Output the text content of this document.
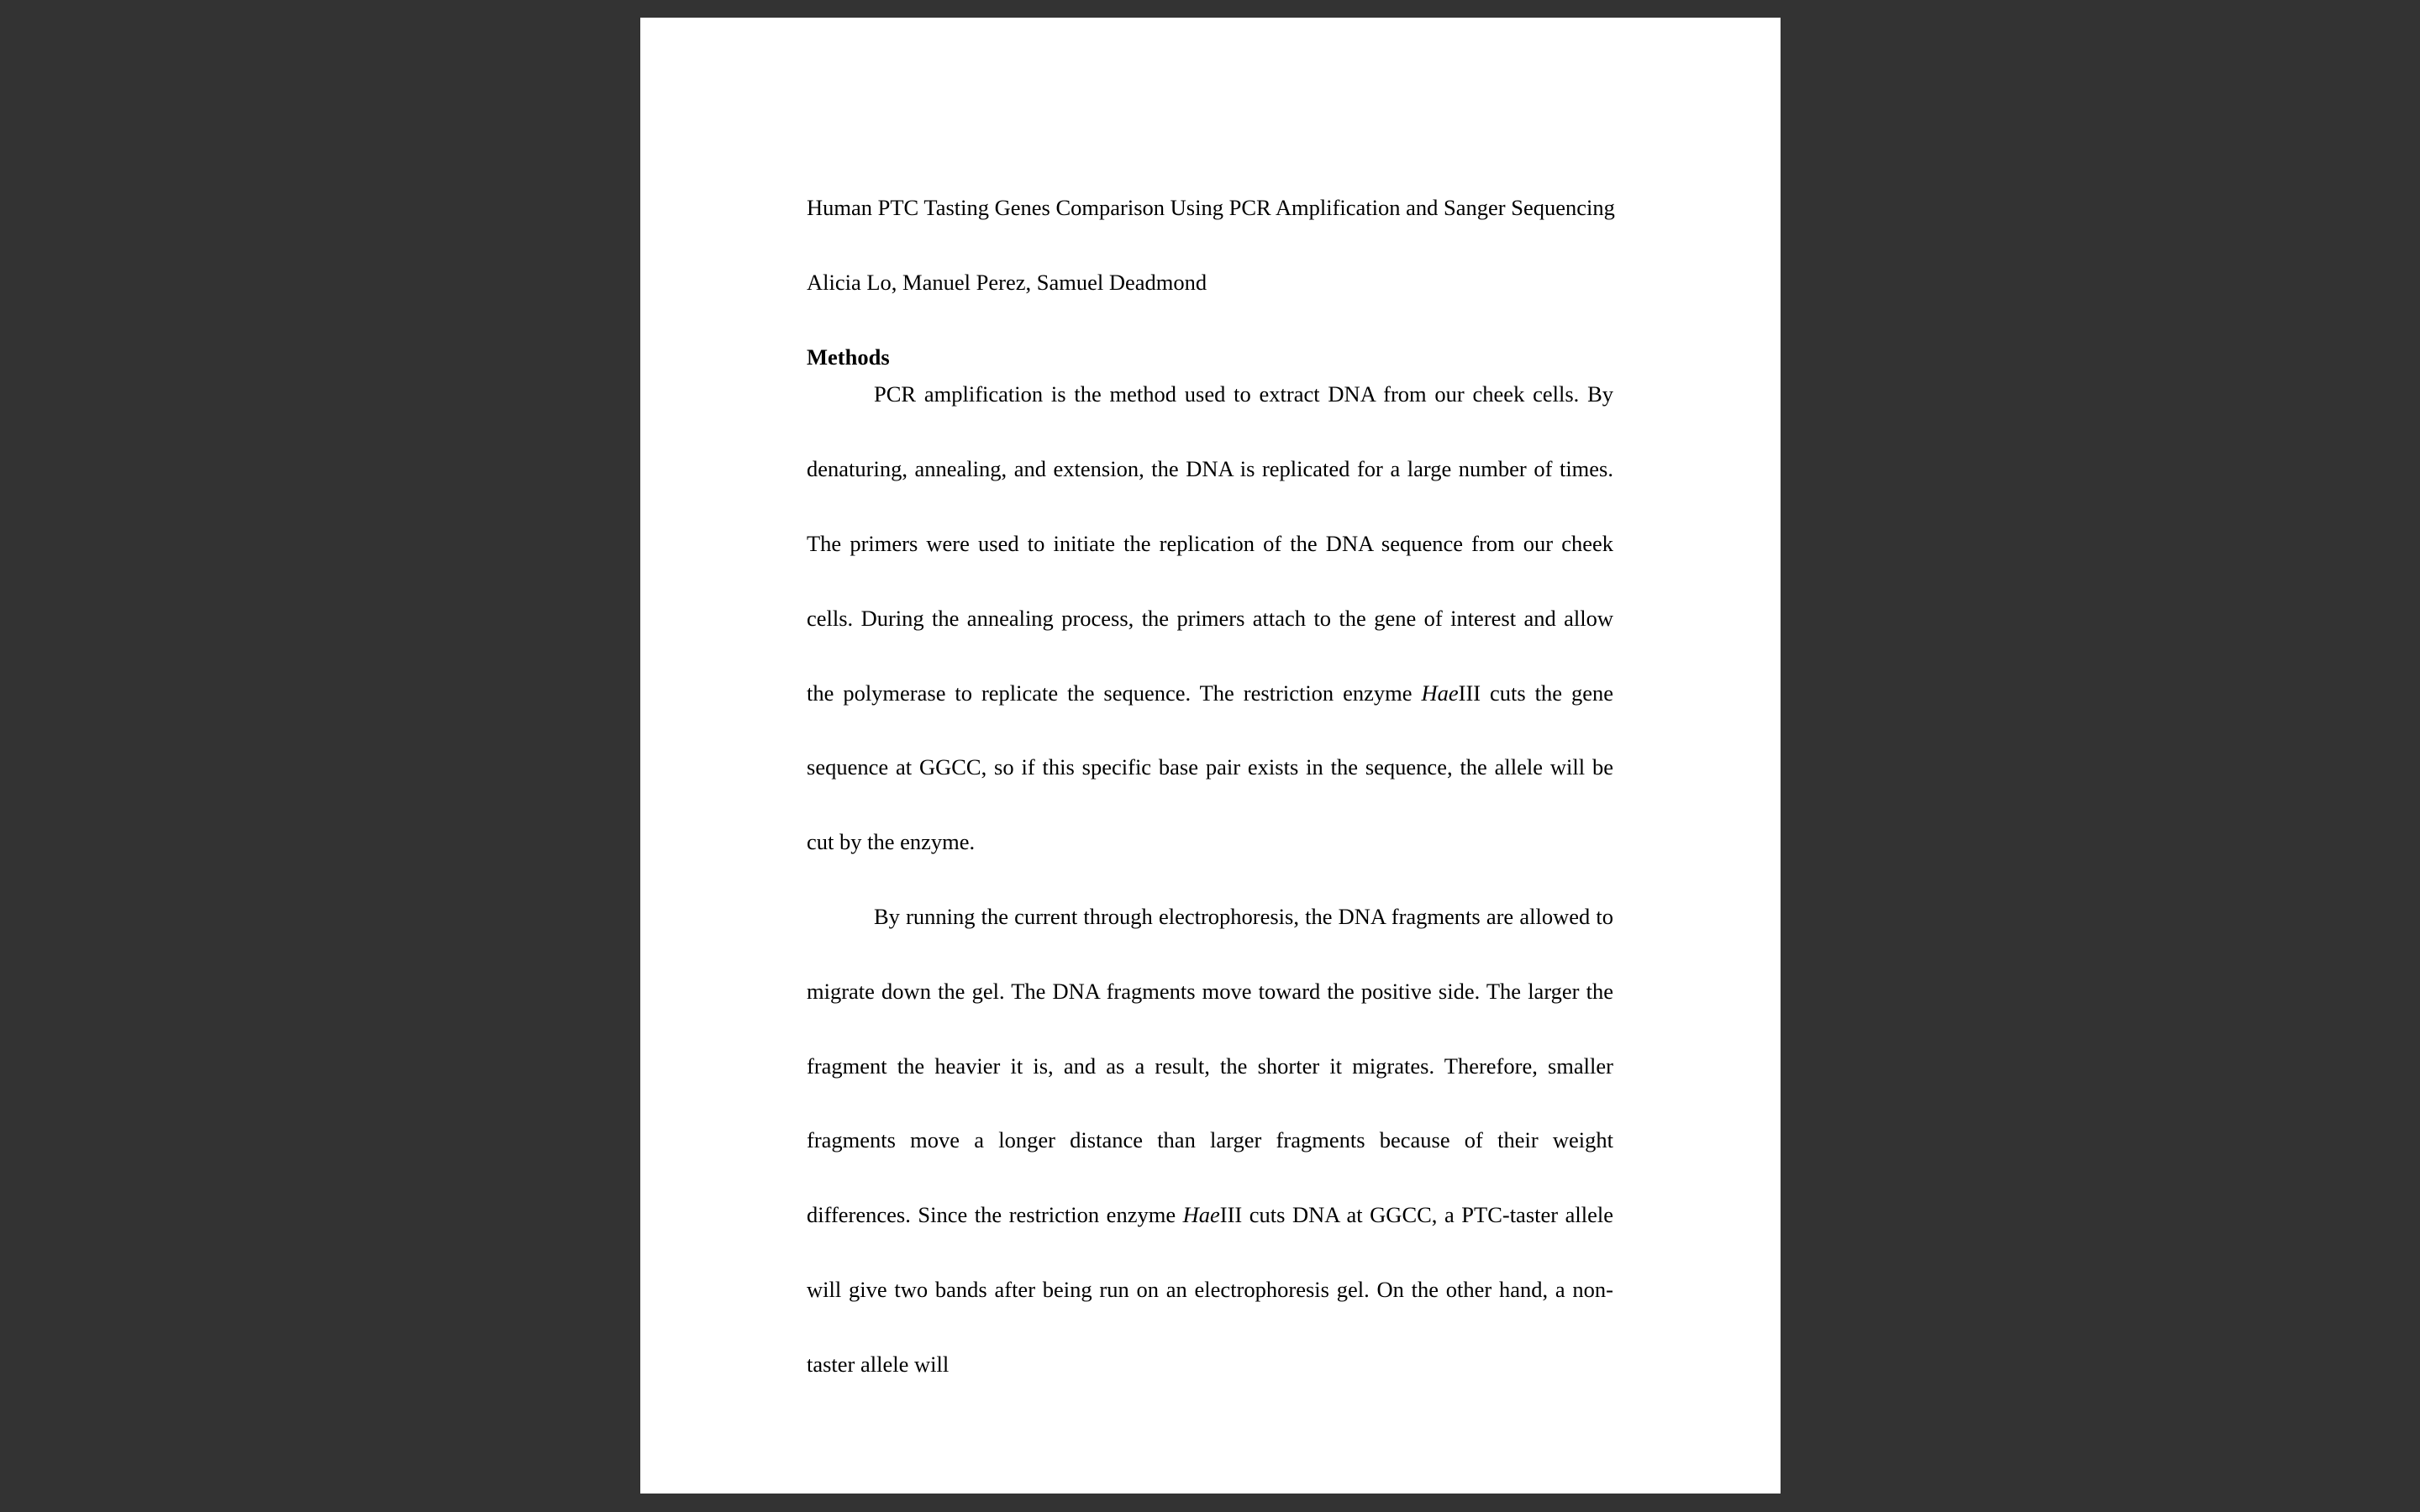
Human PTC Tasting Genes Comparison Using PCR Amplification and Sanger Sequencing

Alicia Lo, Manuel Perez, Samuel Deadmond

Methods

PCR amplification is the method used to extract DNA from our cheek cells. By denaturing, annealing, and extension, the DNA is replicated for a large number of times. The primers were used to initiate the replication of the DNA sequence from our cheek cells. During the annealing process, the primers attach to the gene of interest and allow the polymerase to replicate the sequence. The restriction enzyme HaeIII cuts the gene sequence at GGCC, so if this specific base pair exists in the sequence, the allele will be cut by the enzyme.

By running the current through electrophoresis, the DNA fragments are allowed to migrate down the gel. The DNA fragments move toward the positive side. The larger the fragment the heavier it is, and as a result, the shorter it migrates. Therefore, smaller fragments move a longer distance than larger fragments because of their weight differences. Since the restriction enzyme HaeIII cuts DNA at GGCC, a PTC-taster allele will give two bands after being run on an electrophoresis gel. On the other hand, a non-taster allele will
